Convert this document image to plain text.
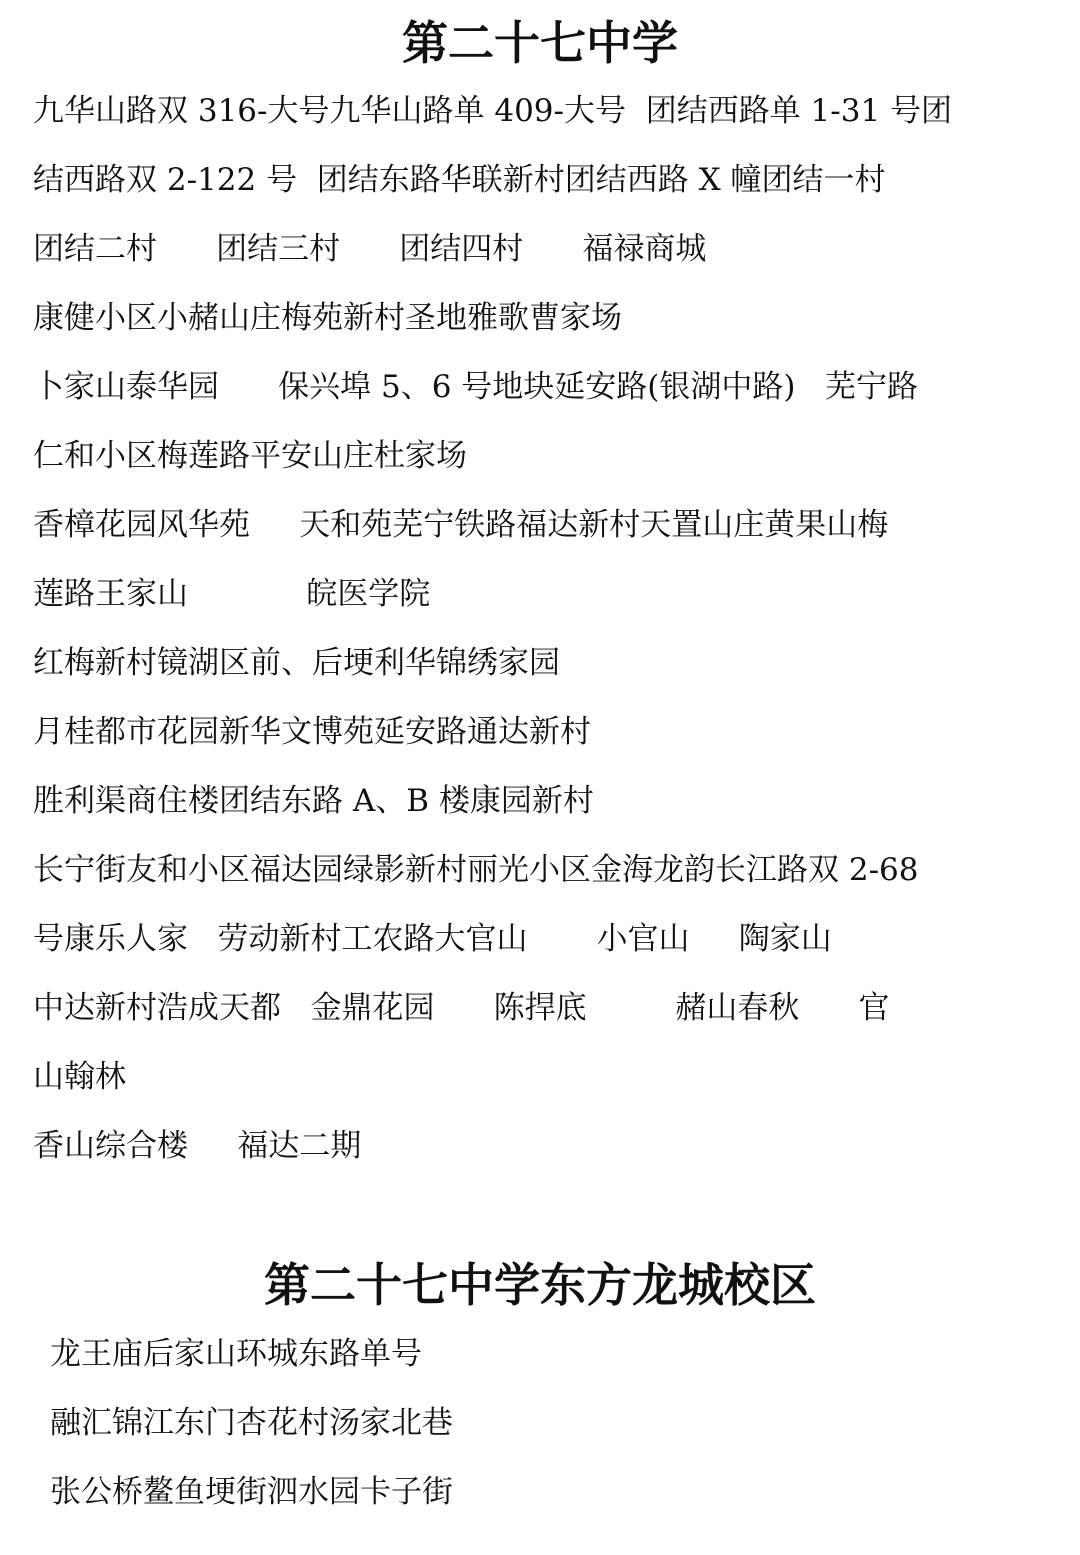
第二十七中学

九华山路双 316-大号九华山路单 409-大号  团结西路单 1-31 号团

结西路双 2-122 号  团结东路华联新村团结西路 X 幢团结一村

团结二村      团结三村      团结四村      福禄商城

康健小区小赭山庄梅苑新村圣地雅歌曹家场

卜家山泰华园      保兴埠 5、6 号地块延安路(银湖中路)   芜宁路

仁和小区梅莲路平安山庄杜家场

香樟花园风华苑     天和苑芜宁铁路福达新村天置山庄黄果山梅

莲路王家山            皖医学院

红梅新村镜湖区前、后埂利华锦绣家园

月桂都市花园新华文博苑延安路通达新村

胜利渠商住楼团结东路 A、B 楼康园新村

长宁街友和小区福达园绿影新村丽光小区金海龙韵长江路双 2-68

号康乐人家   劳动新村工农路大官山       小官山     陶家山

中达新村浩成天都   金鼎花园      陈捍底         赭山春秋      官

山翰林

香山综合楼     福达二期

第二十七中学东方龙城校区

龙王庙后家山环城东路单号

融汇锦江东门杏花村汤家北巷

张公桥鳌鱼埂街泗水园卡子街
